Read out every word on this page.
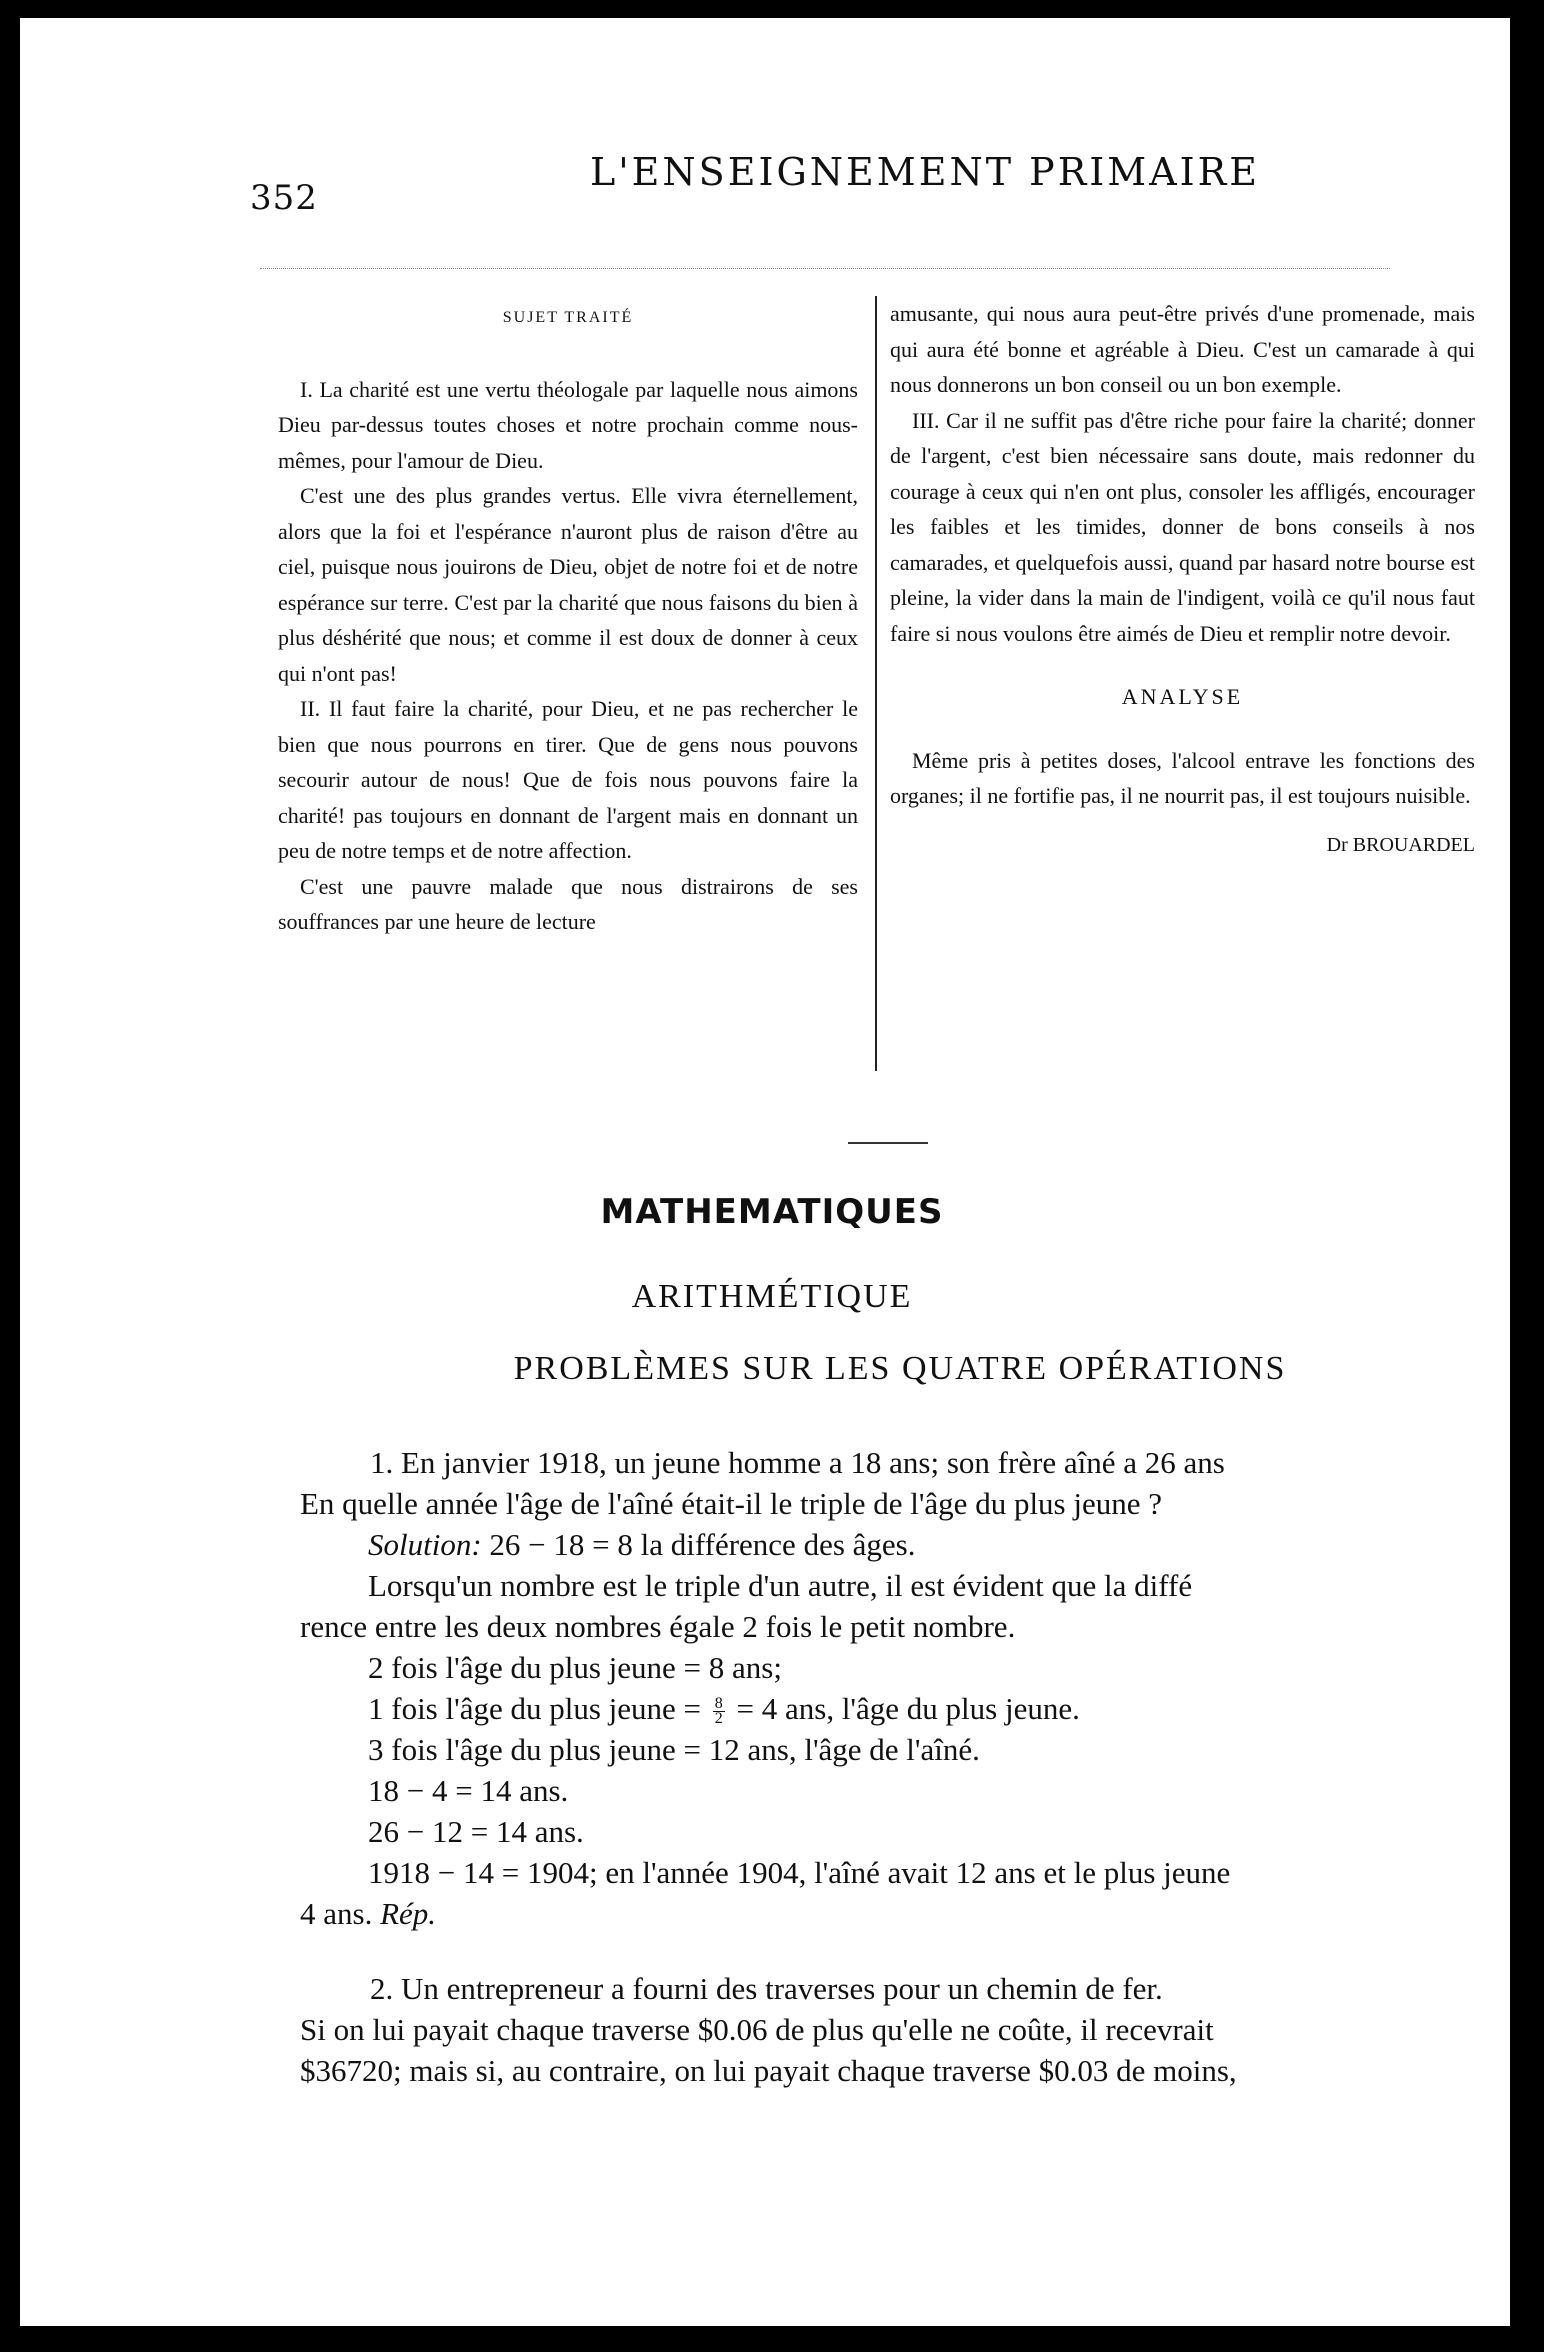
352
L'ENSEIGNEMENT PRIMAIRE

SUJET TRAITÉ

I. La charité est une vertu théologale par laquelle nous aimons Dieu par-dessus toutes choses et notre prochain comme nous-mêmes, pour l'amour de Dieu.

C'est une des plus grandes vertus. Elle vivra éternellement, alors que la foi et l'espérance n'auront plus de raison d'être au ciel, puisque nous jouirons de Dieu, objet de notre foi et de notre espérance sur terre. C'est par la charité que nous faisons du bien à plus déshérité que nous; et comme il est doux de donner à ceux qui n'ont pas!

II. Il faut faire la charité, pour Dieu, et ne pas rechercher le bien que nous pourrons en tirer. Que de gens nous pouvons secourir autour de nous! Que de fois nous pouvons faire la charité! pas toujours en donnant de l'argent mais en donnant un peu de notre temps et de notre affection.

C'est une pauvre malade que nous distrairons de ses souffrances par une heure de lecture

amusante, qui nous aura peut-être privés d'une promenade, mais qui aura été bonne et agréable à Dieu. C'est un camarade à qui nous donnerons un bon conseil ou un bon exemple.

III. Car il ne suffit pas d'être riche pour faire la charité; donner de l'argent, c'est bien nécessaire sans doute, mais redonner du courage à ceux qui n'en ont plus, consoler les affligés, encourager les faibles et les timides, donner de bons conseils à nos camarades, et quelquefois aussi, quand par hasard notre bourse est pleine, la vider dans la main de l'indigent, voilà ce qu'il nous faut faire si nous voulons être aimés de Dieu et remplir notre devoir.

ANALYSE

Même pris à petites doses, l'alcool entrave les fonctions des organes; il ne fortifie pas, il ne nourrit pas, il est toujours nuisible.

Dr BROUARDEL

MATHEMATIQUES
ARITHMÉTIQUE
PROBLÈMES SUR LES QUATRE OPÉRATIONS

1. En janvier 1918, un jeune homme a 18 ans; son frère aîné a 26 ans

En quelle année l'âge de l'aîné était-il le triple de l'âge du plus jeune ?

Solution: 26 − 18 = 8 la différence des âges.

Lorsqu'un nombre est le triple d'un autre, il est évident que la diffé

rence entre les deux nombres égale 2 fois le petit nombre.

2 fois l'âge du plus jeune = 8 ans;

1 fois l'âge du plus jeune = $\frac{8}{2} = 4$ ans, l'âge du plus jeune.

3 fois l'âge du plus jeune = 12 ans, l'âge de l'aîné.

18 − 4 = 14 ans.

26 − 12 = 14 ans.

1918 − 14 = 1904; en l'année 1904, l'aîné avait 12 ans et le plus jeune

4 ans. Rép.

2. Un entrepreneur a fourni des traverses pour un chemin de fer.

Si on lui payait chaque traverse $0.06 de plus qu'elle ne coûte, il recevrait

$36720; mais si, au contraire, on lui payait chaque traverse $0.03 de moins,
